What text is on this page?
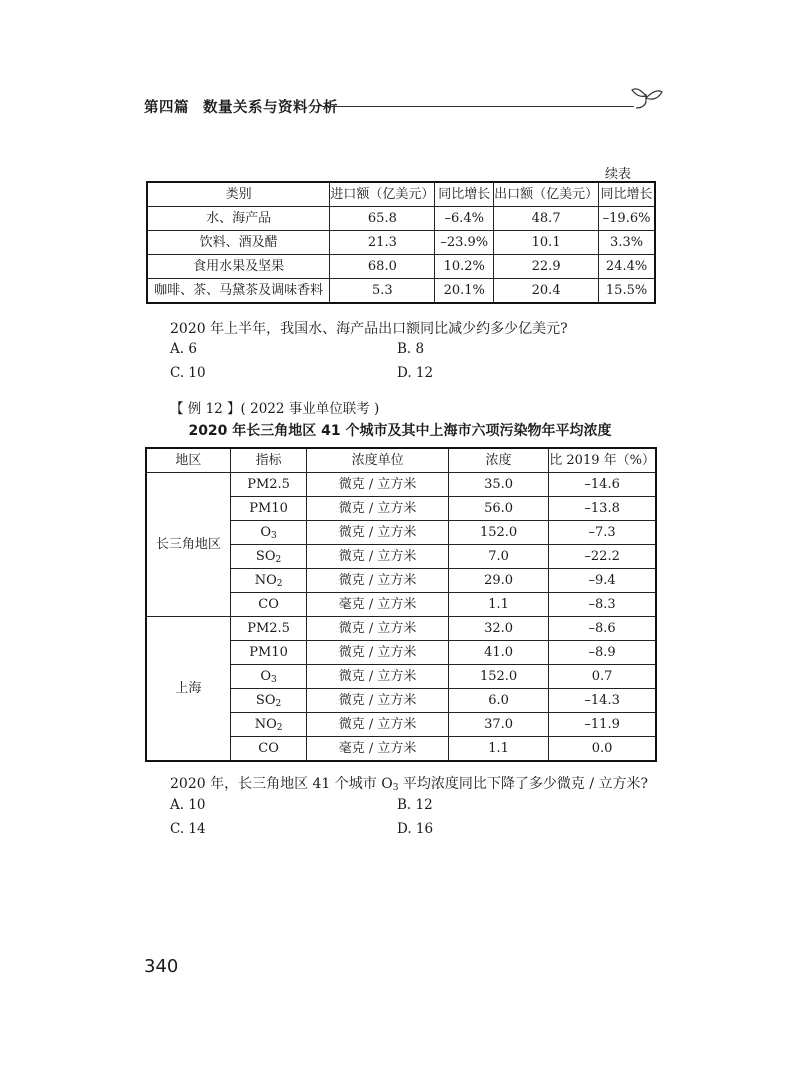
第四篇 数量关系与资料分析
续表
类别	进口额（亿美元）	同比增长	出口额（亿美元）	同比增长
水、海产品	65.8	–6.4%	48.7	–19.6%
饮料、酒及醋	21.3	–23.9%	10.1	3.3%
食用水果及坚果	68.0	10.2%	22.9	24.4%
咖啡、茶、马黛茶及调味香料	5.3	20.1%	20.4	15.5%
2020 年上半年，我国水、海产品出口额同比减少约多少亿美元?
A. 6	B. 8
C. 10	D. 12
【 例 12 】( 2022 事业单位联考 )
2020 年长三角地区 41 个城市及其中上海市六项污染物年平均浓度
地区	指标	浓度单位	浓度	比 2019 年（%）
长三角地区	PM2.5	微克 / 立方米	35.0	–14.6
	PM10	微克 / 立方米	56.0	–13.8
	$O_3$	微克 / 立方米	152.0	–7.3
	$SO_2$	微克 / 立方米	7.0	–22.2
	$NO_2$	微克 / 立方米	29.0	–9.4
	CO	毫克 / 立方米	1.1	–8.3
上海	PM2.5	微克 / 立方米	32.0	–8.6
	PM10	微克 / 立方米	41.0	–8.9
	$O_3$	微克 / 立方米	152.0	0.7
	$SO_2$	微克 / 立方米	6.0	–14.3
	$NO_2$	微克 / 立方米	37.0	–11.9
	CO	毫克 / 立方米	1.1	0.0
2020 年，长三角地区 41 个城市 $O_3$ 平均浓度同比下降了多少微克 / 立方米?
A. 10	B. 12
C. 14	D. 16
340
